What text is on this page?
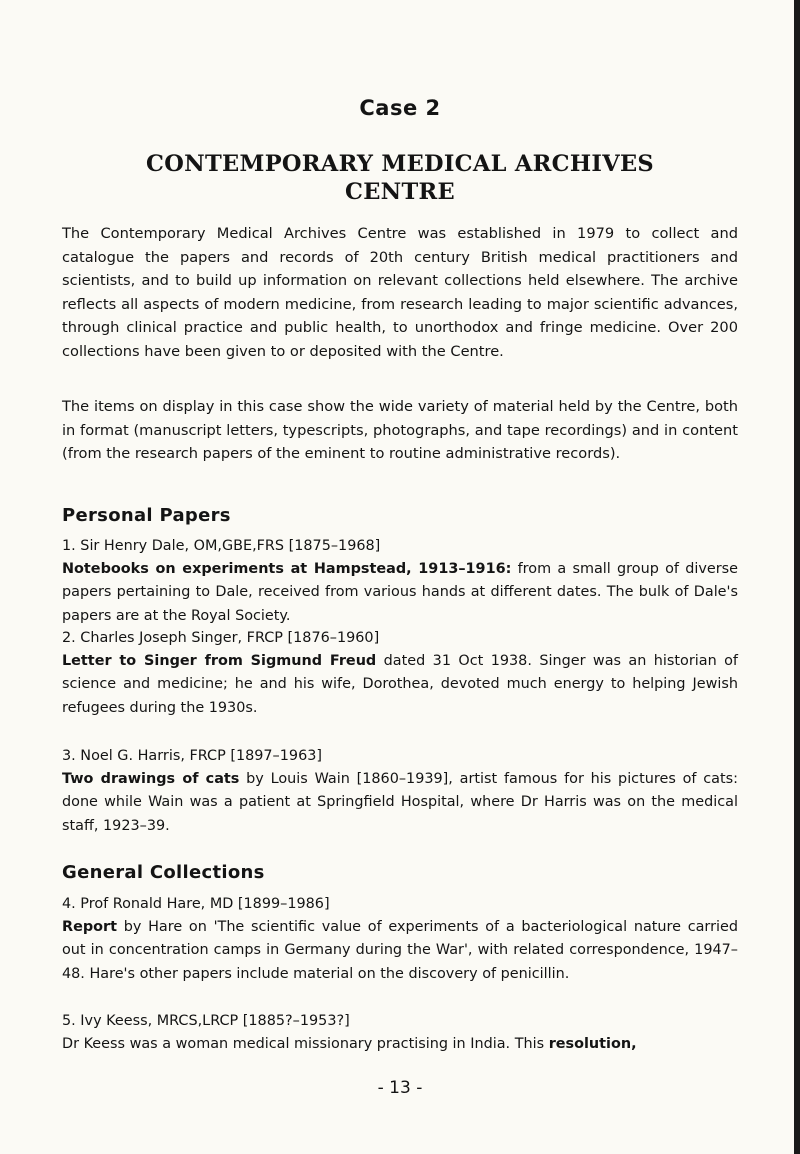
Case 2
CONTEMPORARY MEDICAL ARCHIVES
CENTRE

The Contemporary Medical Archives Centre was established in 1979 to collect and catalogue the papers and records of 20th century British medical practitioners and scientists, and to build up information on relevant collections held elsewhere. The archive reflects all aspects of modern medicine, from research leading to major scientific advances, through clinical practice and public health, to unorthodox and fringe medicine. Over 200 collections have been given to or deposited with the Centre.

The items on display in this case show the wide variety of material held by the Centre, both in format (manuscript letters, typescripts, photographs, and tape recordings) and in content (from the research papers of the eminent to routine administrative records).

Personal Papers
1. Sir Henry Dale, OM,GBE,FRS [1875–1968]
Notebooks on experiments at Hampstead, 1913–1916: from a small group of diverse papers pertaining to Dale, received from various hands at different dates. The bulk of Dale's papers are at the Royal Society.
2. Charles Joseph Singer, FRCP [1876–1960]
Letter to Singer from Sigmund Freud dated 31 Oct 1938. Singer was an historian of science and medicine; he and his wife, Dorothea, devoted much energy to helping Jewish refugees during the 1930s.
3. Noel G. Harris, FRCP [1897–1963]
Two drawings of cats by Louis Wain [1860–1939], artist famous for his pictures of cats: done while Wain was a patient at Springfield Hospital, where Dr Harris was on the medical staff, 1923–39.
General Collections
4. Prof Ronald Hare, MD [1899–1986]
Report by Hare on 'The scientific value of experiments of a bacteriological nature carried out in concentration camps in Germany during the War', with related correspondence, 1947–48. Hare's other papers include material on the discovery of penicillin.
5. Ivy Keess, MRCS,LRCP [1885?–1953?]
Dr Keess was a woman medical missionary practising in India. This resolution,
- 13 -
